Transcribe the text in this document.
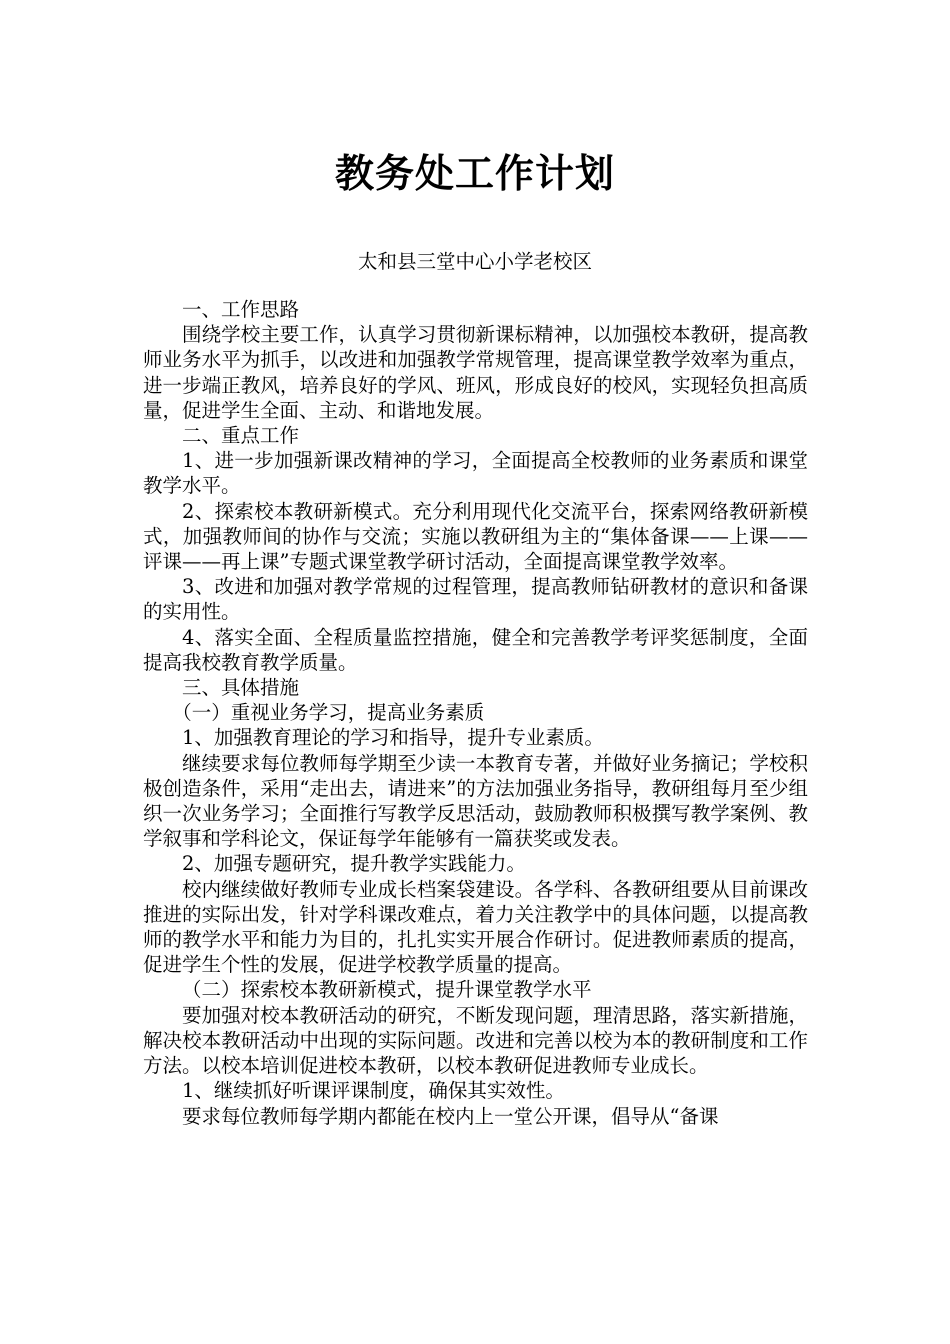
教务处工作计划
太和县三堂中心小学老校区

一、工作思路

围绕学校主要工作，认真学习贯彻新课标精神，以加强校本教研，提高教师业务水平为抓手，以改进和加强教学常规管理，提高课堂教学效率为重点，进一步端正教风，培养良好的学风、班风，形成良好的校风，实现轻负担高质量，促进学生全面、主动、和谐地发展。

二、重点工作

1、进一步加强新课改精神的学习，全面提高全校教师的业务素质和课堂教学水平。

2、探索校本教研新模式。充分利用现代化交流平台，探索网络教研新模式，加强教师间的协作与交流；实施以教研组为主的“集体备课——上课——评课——再上课”专题式课堂教学研讨活动，全面提高课堂教学效率。

3、改进和加强对教学常规的过程管理，提高教师钻研教材的意识和备课的实用性。

4、落实全面、全程质量监控措施，健全和完善教学考评奖惩制度，全面提高我校教育教学质量。

三、具体措施

（一）重视业务学习，提高业务素质

1、加强教育理论的学习和指导，提升专业素质。

继续要求每位教师每学期至少读一本教育专著，并做好业务摘记；学校积极创造条件，采用“走出去，请进来”的方法加强业务指导，教研组每月至少组织一次业务学习；全面推行写教学反思活动，鼓励教师积极撰写教学案例、教学叙事和学科论文，保证每学年能够有一篇获奖或发表。

2、加强专题研究，提升教学实践能力。

校内继续做好教师专业成长档案袋建设。各学科、各教研组要从目前课改推进的实际出发，针对学科课改难点，着力关注教学中的具体问题，以提高教师的教学水平和能力为目的，扎扎实实开展合作研讨。促进教师素质的提高，促进学生个性的发展，促进学校教学质量的提高。

（二）探索校本教研新模式，提升课堂教学水平

要加强对校本教研活动的研究，不断发现问题，理清思路，落实新措施，解决校本教研活动中出现的实际问题。改进和完善以校为本的教研制度和工作方法。以校本培训促进校本教研，以校本教研促进教师专业成长。

1、继续抓好听课评课制度，确保其实效性。

要求每位教师每学期内都能在校内上一堂公开课，倡导从“备课
